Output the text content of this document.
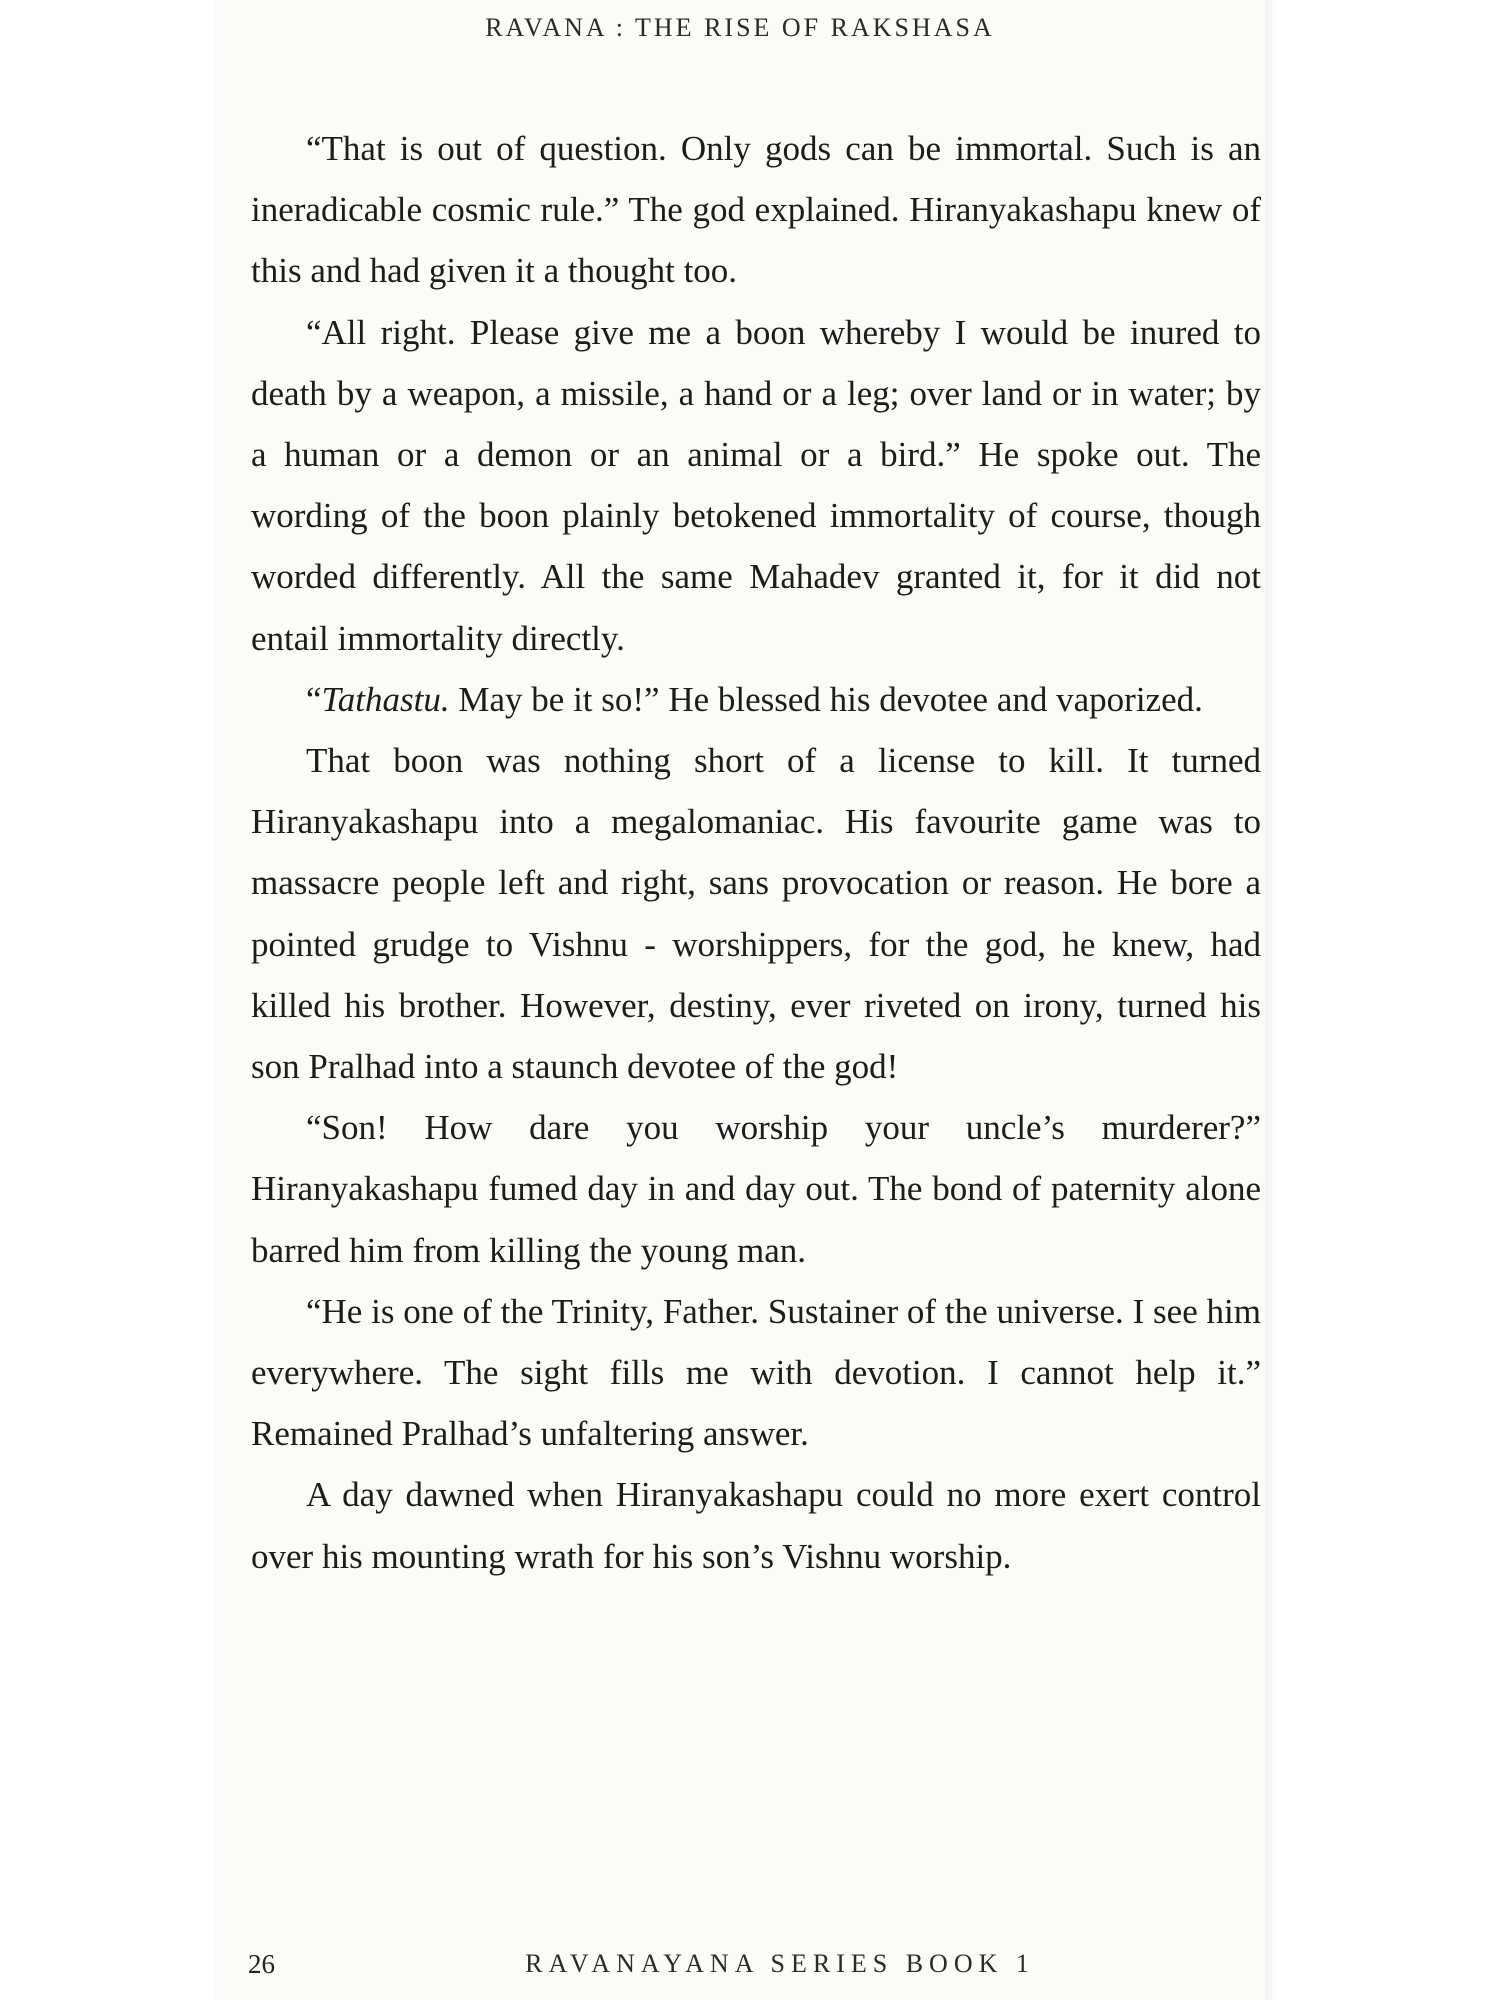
RAVANA : THE RISE OF RAKSHASA

“That is out of question. Only gods can be immortal. Such is an ineradicable cosmic rule.” The god explained. Hiranyakashapu knew of this and had given it a thought too.

“All right. Please give me a boon whereby I would be inured to death by a weapon, a missile, a hand or a leg; over land or in water; by a human or a demon or an animal or a bird.” He spoke out. The wording of the boon plainly betokened immortality of course, though worded differently. All the same Mahadev granted it, for it did not entail immortality directly.

“Tathastu. May be it so!” He blessed his devotee and vaporized.

That boon was nothing short of a license to kill. It turned Hiranyakashapu into a megalomaniac. His favourite game was to massacre people left and right, sans provocation or reason. He bore a pointed grudge to Vishnu - worshippers, for the god, he knew, had killed his brother. However, destiny, ever riveted on irony, turned his son Pralhad into a staunch devotee of the god!

“Son! How dare you worship your uncle’s murderer?” Hiranyakashapu fumed day in and day out. The bond of paternity alone barred him from killing the young man.

“He is one of the Trinity, Father. Sustainer of the universe. I see him everywhere. The sight fills me with devotion. I cannot help it.” Remained Pralhad’s unfaltering answer.

A day dawned when Hiranyakashapu could no more exert control over his mounting wrath for his son’s Vishnu worship.

26	RAVANAYANA SERIES BOOK 1
